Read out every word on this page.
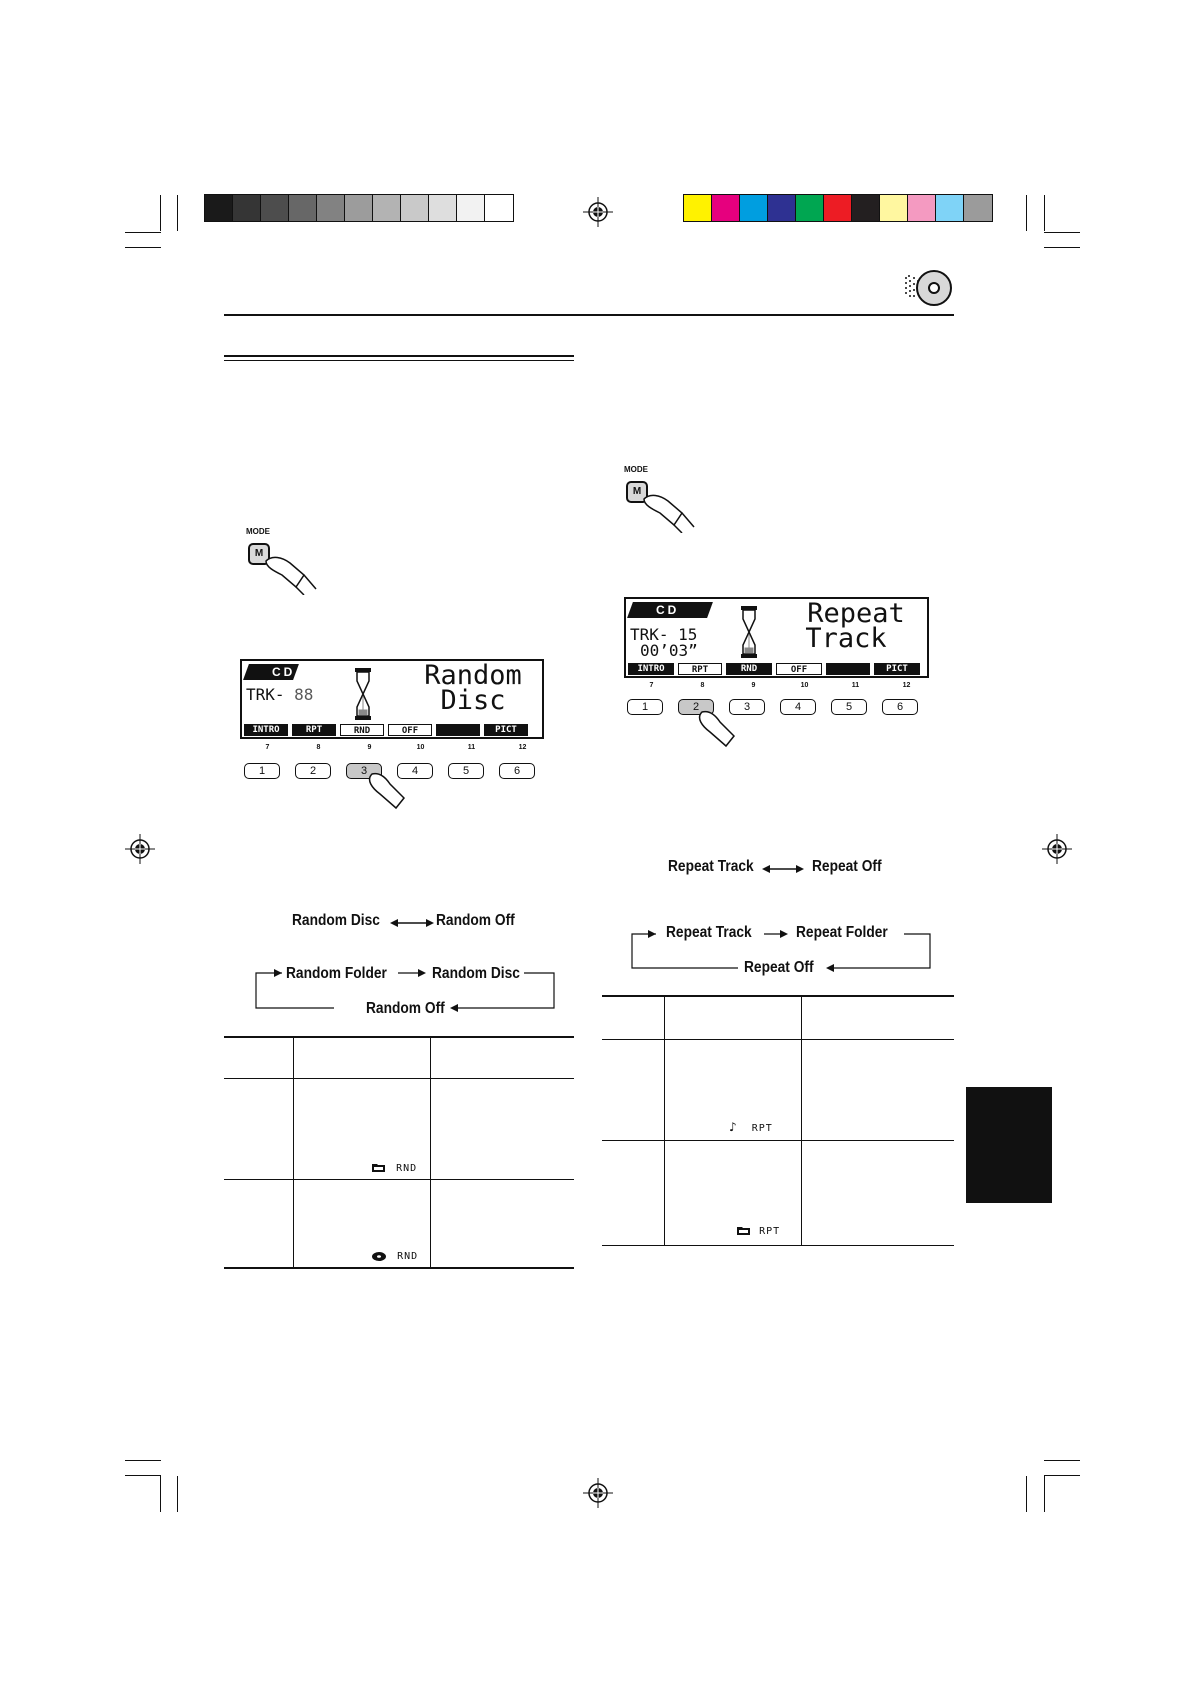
MODE
M
CD
TRK- 88
Random
Disc
INTRO	RPT	RND	OFF	PICT
7	8	9	10	11	12
1	2	3	4	5	6
Random Disc	Random Off
Random Folder	Random Disc
Random Off

	RND	
	RND	
MODE
M
CD
TRK- 15
00’03”
Repeat
Track
INTRO	RPT	RND	OFF	PICT
7	8	9	10	11	12
1	2	3	4	5	6
Repeat Track	Repeat Off
Repeat Track	Repeat Folder
Repeat Off

	♪ RPT	
	RPT	
